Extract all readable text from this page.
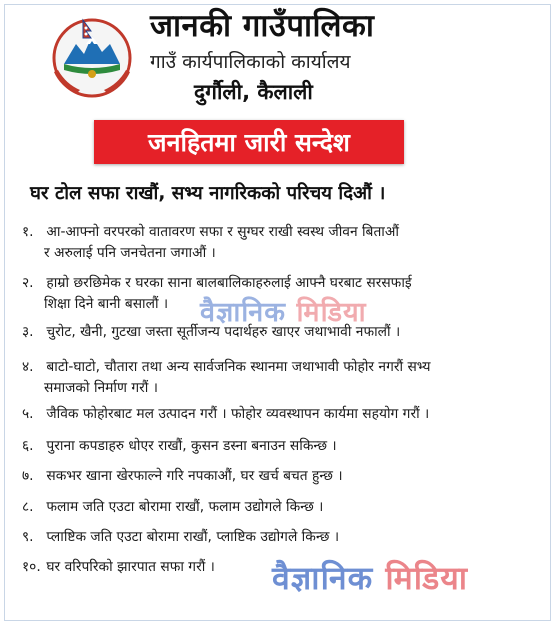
जानकी गाउँपालिका
गाउँ कार्यपालिकाको कार्यालय
दुर्गौली, कैलाली
जनहितमा जारी सन्देश
घर टोल सफा राखौं, सभ्य नागरिकको परिचय दिऔं ।
१. आ-आफ्नो वरपरको वातावरण सफा र सुग्घर राखी स्वस्थ जीवन बिताऔं
र अरुलाई पनि जनचेतना जगाऔं ।
२. हाम्रो छरछिमेक र घरका साना बालबालिकाहरुलाई आफ्नै घरबाट सरसफाई
शिक्षा दिने बानी बसालौं ।
३. चुरोट, खैनी, गुटखा जस्ता सूर्तीजन्य पदार्थहरु खाएर जथाभावी नफालौं ।
४. बाटो-घाटो, चौतारा तथा अन्य सार्वजनिक स्थानमा जथाभावी फोहोर नगरौं सभ्य
समाजको निर्माण गरौं ।
५. जैविक फोहोरबाट मल उत्पादन गरौं । फोहोर व्यवस्थापन कार्यमा सहयोग गरौं ।
६. पुराना कपडाहरु धोएर राखौं, कुसन डस्ना बनाउन सकिन्छ ।
७. सकभर खाना खेरफाल्ने गरि नपकाऔं, घर खर्च बचत हुन्छ ।
८. फलाम जति एउटा बोरामा राखौं, फलाम उद्योगले किन्छ ।
९. प्लाष्टिक जति एउटा बोरामा राखौं, प्लाष्टिक उद्योगले किन्छ ।
१०. घर वरिपरिको झारपात सफा गरौं ।
वैज्ञानिक मिडिया
वैज्ञानिक मिडिया
